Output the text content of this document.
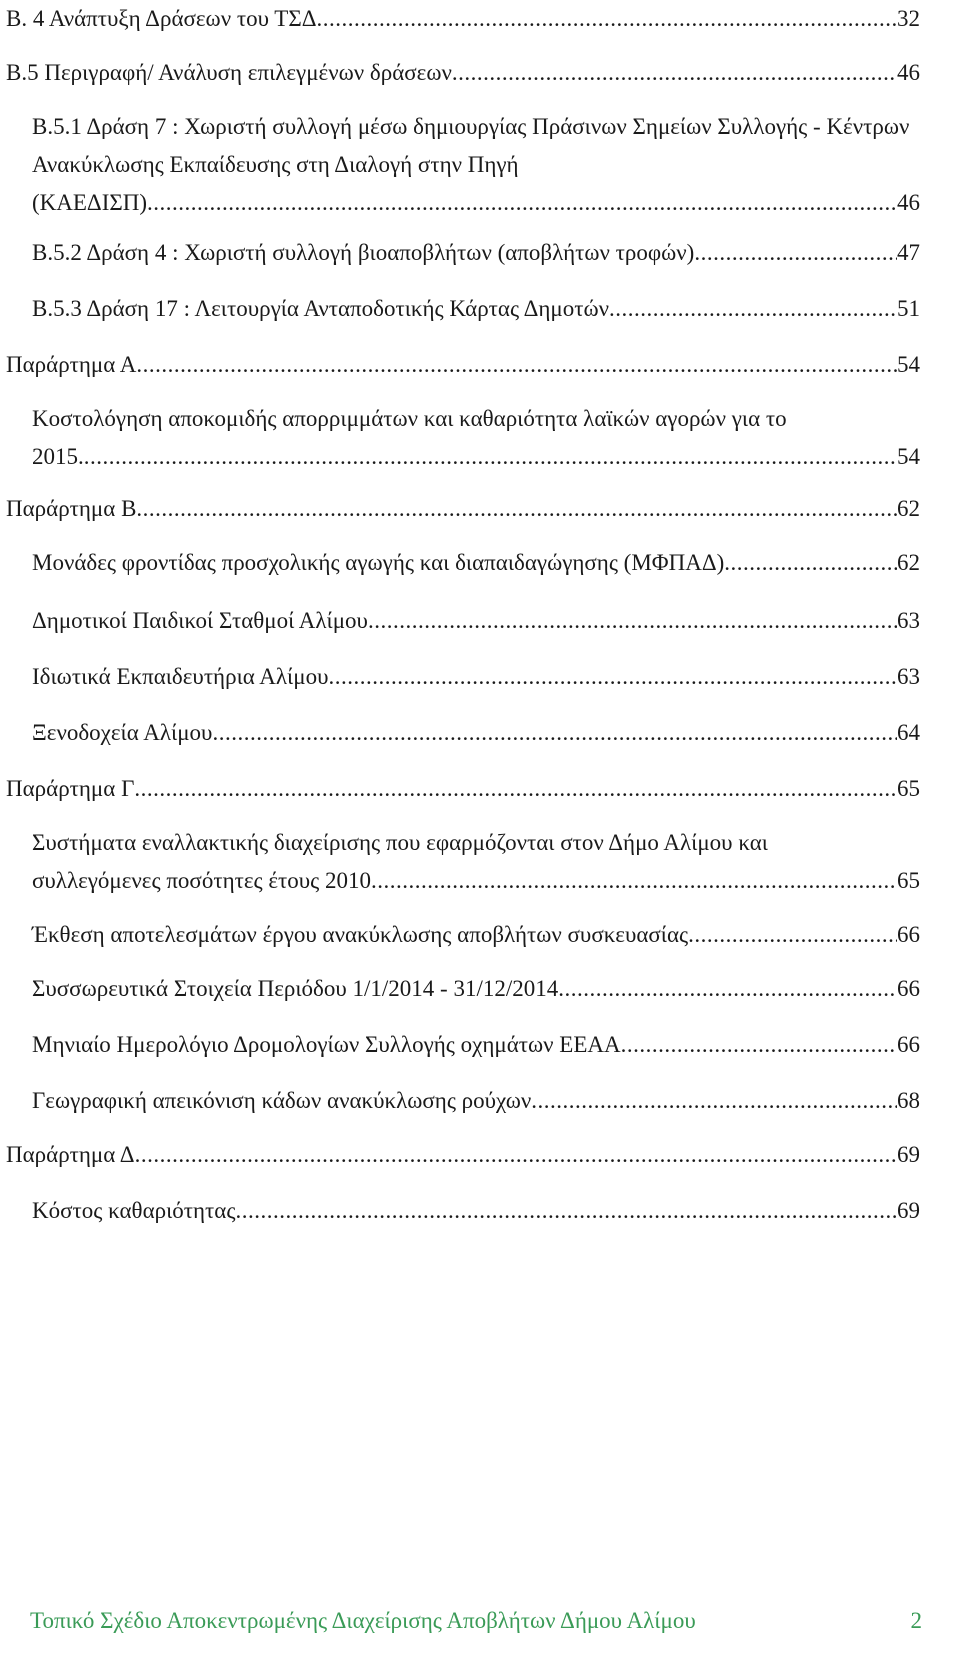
Β. 4 Ανάπτυξη Δράσεων του ΤΣΔ .....	32
Β.5 Περιγραφή/ Ανάλυση επιλεγμένων δράσεων .....	46
Β.5.1 Δράση 7 : Χωριστή συλλογή μέσω δημιουργίας Πράσινων Σημείων Συλλογής - Κέντρων Ανακύκλωσης Εκπαίδευσης στη Διαλογή στην Πηγή
(ΚΑΕΔΙΣΠ) .....	46
Β.5.2 Δράση 4 : Χωριστή συλλογή βιοαποβλήτων (αποβλήτων τροφών) .....	47
Β.5.3 Δράση 17 : Λειτουργία Ανταποδοτικής Κάρτας Δημοτών .....	51
Παράρτημα Α .....	54
Κοστολόγηση αποκομιδής απορριμμάτων και καθαριότητα λαϊκών αγορών για το
2015. .....	54
Παράρτημα Β .....	62
Μονάδες φροντίδας προσχολικής αγωγής και διαπαιδαγώγησης (ΜΦΠΑΔ) .....	62
Δημοτικοί Παιδικοί Σταθμοί Αλίμου .....	63
Ιδιωτικά Εκπαιδευτήρια Αλίμου .....	63
Ξενοδοχεία Αλίμου .....	64
Παράρτημα Γ .....	65
Συστήματα εναλλακτικής διαχείρισης που εφαρμόζονται στον Δήμο Αλίμου και
συλλεγόμενες ποσότητες έτους 2010 .....	65
Έκθεση αποτελεσμάτων έργου ανακύκλωσης αποβλήτων συσκευασίας .....	66
Συσσωρευτικά Στοιχεία Περιόδου 1/1/2014 - 31/12/2014 .....	66
Μηνιαίο Ημερολόγιο Δρομολογίων Συλλογής οχημάτων ΕΕΑΑ .....	66
Γεωγραφική απεικόνιση κάδων ανακύκλωσης ρούχων .....	68
Παράρτημα Δ .....	69
Κόστος καθαριότητας .....	69
Τοπικό Σχέδιο Αποκεντρωμένης Διαχείρισης Αποβλήτων Δήμου Αλίμου	2
